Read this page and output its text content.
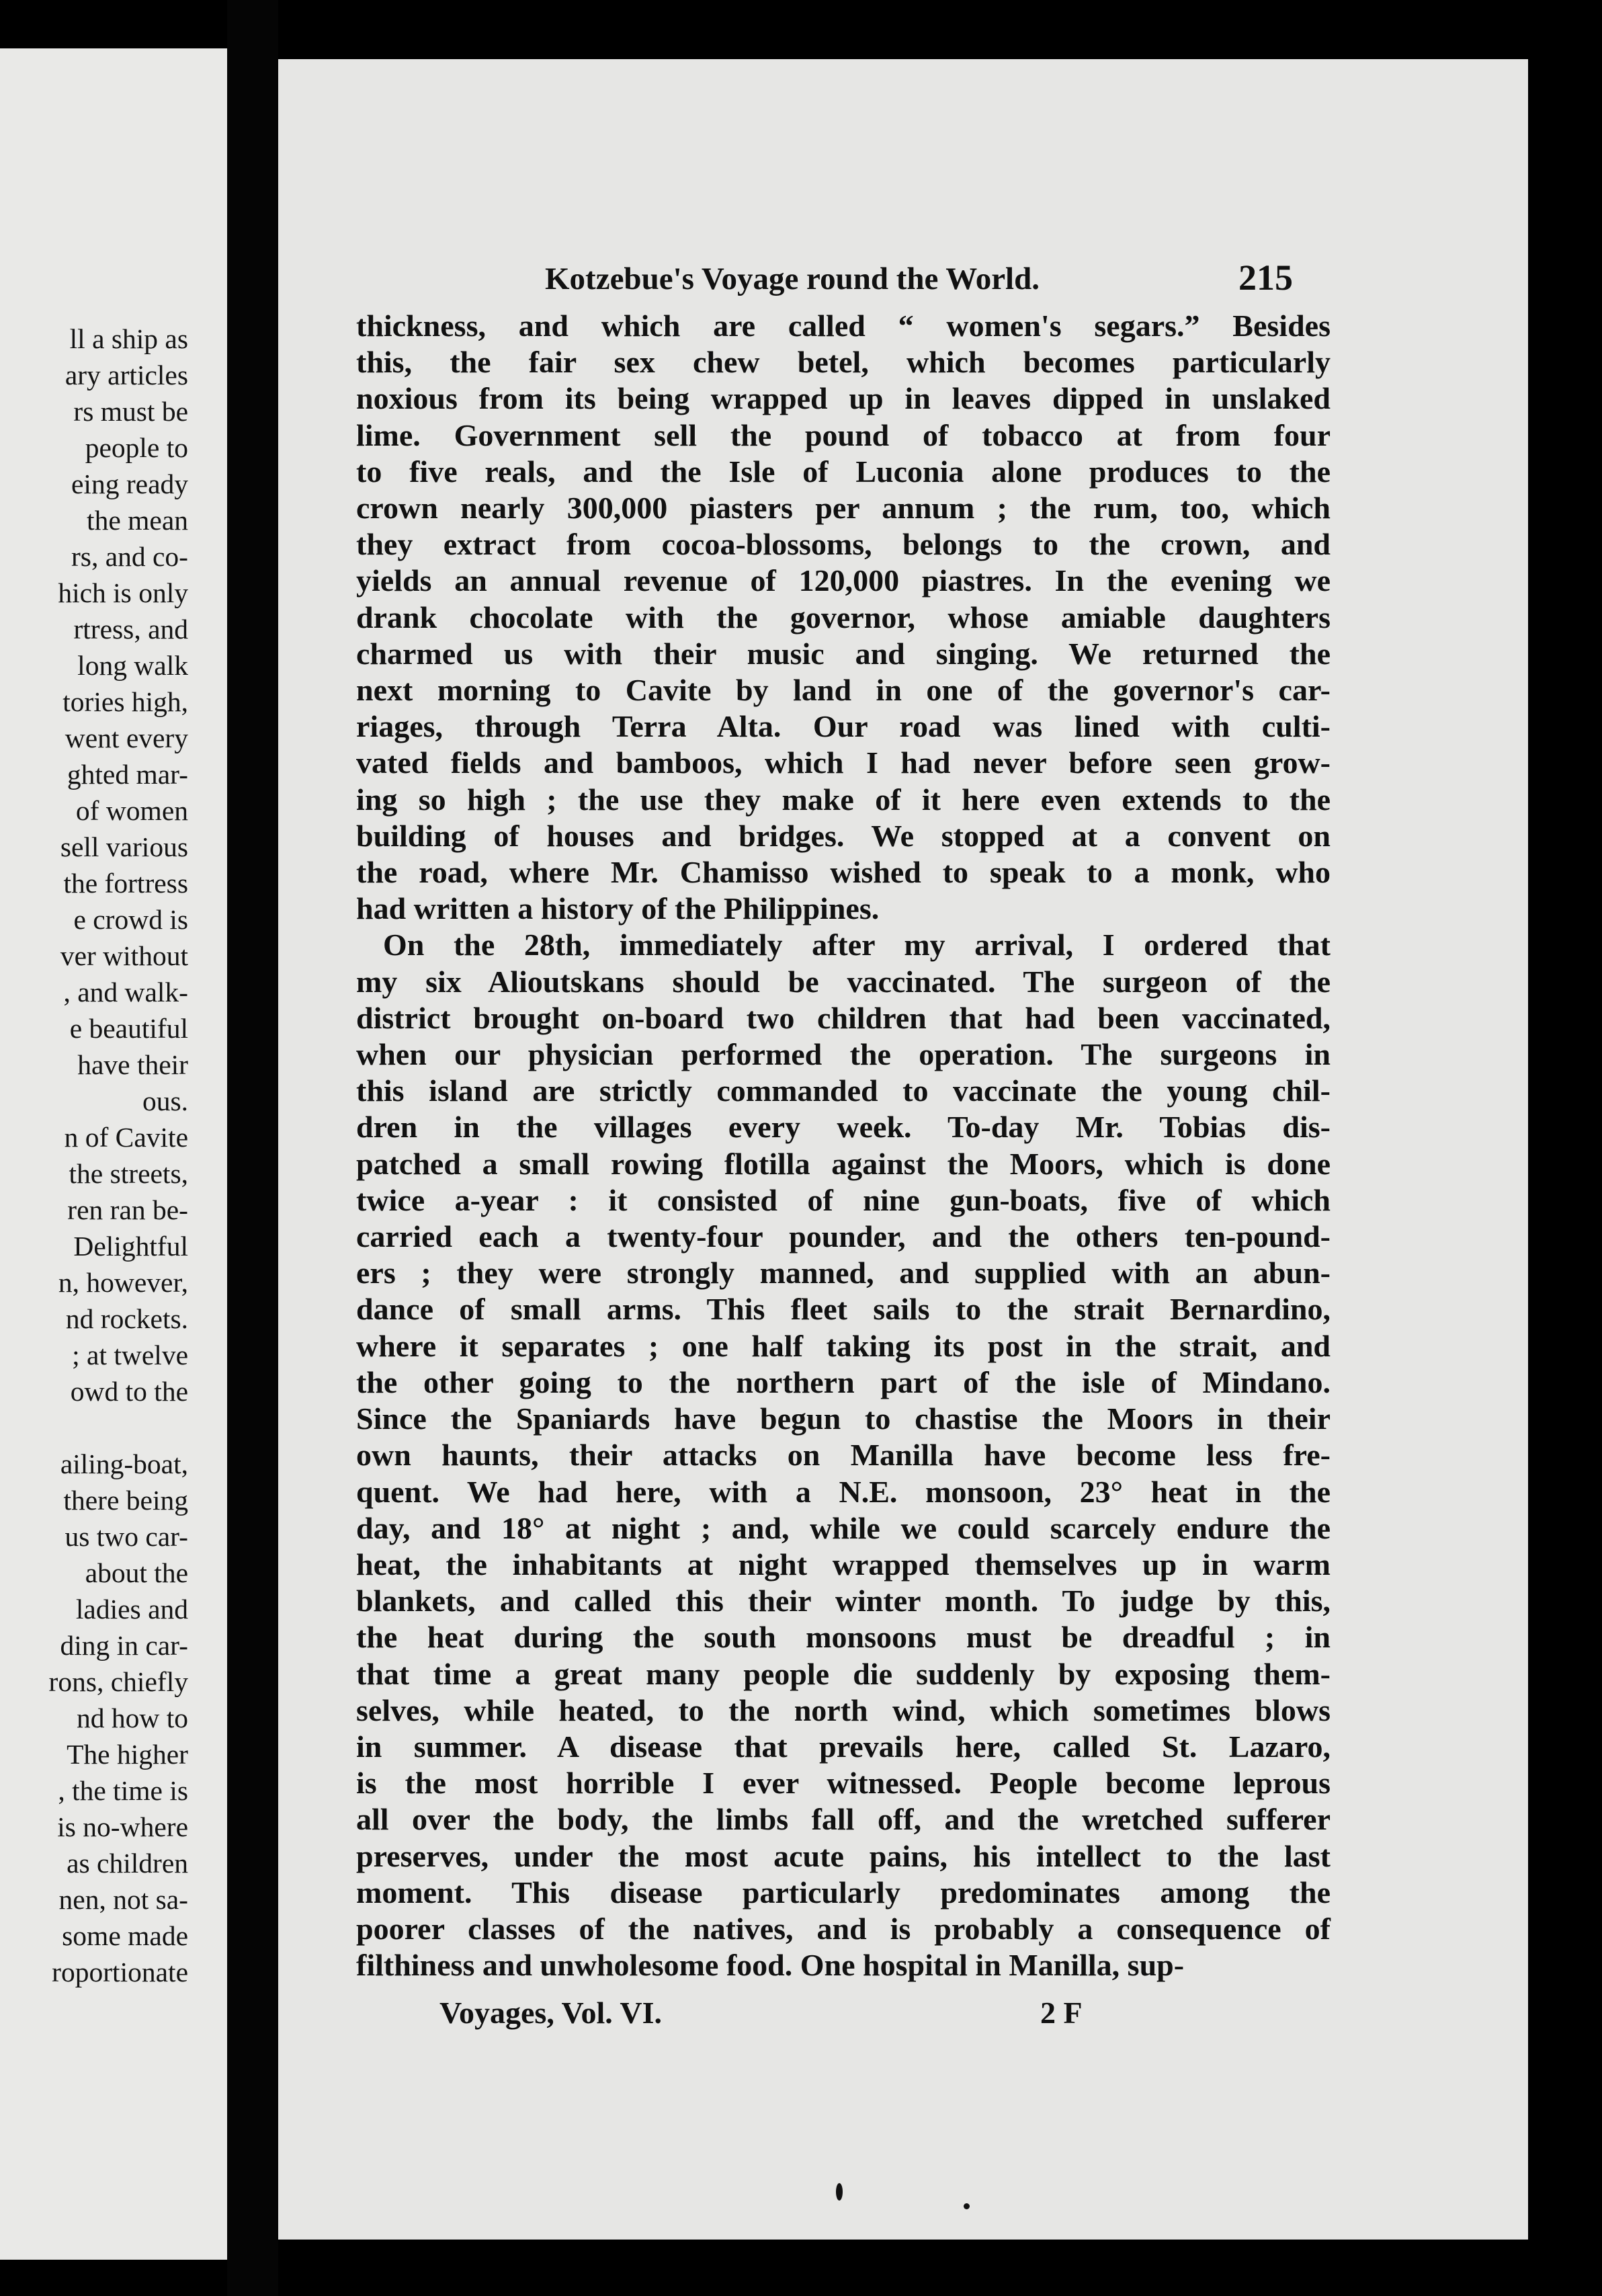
ll a ship as
ary articles
rs must be
people to
eing ready
the mean
rs, and co-
hich is only
rtress, and
long walk
tories high,
went every
ghted mar-
of women
sell various
the fortress
e crowd is
ver without
, and walk-
e beautiful
have their
ous.
n of Cavite
the streets,
ren ran be-
Delightful
n, however,
nd rockets.
; at twelve
owd to the

ailing-boat,
there being
us two car-
about the
ladies and
ding in car-
rons, chiefly
nd how to
The higher
, the time is
is no-where
as children
nen, not sa-
some made
roportionate
Kotzebue's Voyage round the World.	215
thickness, and which are called “ women's segars.” Besides
this, the fair sex chew betel, which becomes particularly
noxious from its being wrapped up in leaves dipped in unslaked
lime. Government sell the pound of tobacco at from four
to five reals, and the Isle of Luconia alone produces to the
crown nearly 300,000 piasters per annum ; the rum, too, which
they extract from cocoa-blossoms, belongs to the crown, and
yields an annual revenue of 120,000 piastres. In the evening we
drank chocolate with the governor, whose amiable daughters
charmed us with their music and singing. We returned the
next morning to Cavite by land in one of the governor's car-
riages, through Terra Alta. Our road was lined with culti-
vated fields and bamboos, which I had never before seen grow-
ing so high ; the use they make of it here even extends to the
building of houses and bridges. We stopped at a convent on
the road, where Mr. Chamisso wished to speak to a monk, who
had written a history of the Philippines.
On the 28th, immediately after my arrival, I ordered that
my six Alioutskans should be vaccinated. The surgeon of the
district brought on-board two children that had been vaccinated,
when our physician performed the operation. The surgeons in
this island are strictly commanded to vaccinate the young chil-
dren in the villages every week. To-day Mr. Tobias dis-
patched a small rowing flotilla against the Moors, which is done
twice a-year : it consisted of nine gun-boats, five of which
carried each a twenty-four pounder, and the others ten-pound-
ers ; they were strongly manned, and supplied with an abun-
dance of small arms. This fleet sails to the strait Bernardino,
where it separates ; one half taking its post in the strait, and
the other going to the northern part of the isle of Mindano.
Since the Spaniards have begun to chastise the Moors in their
own haunts, their attacks on Manilla have become less fre-
quent. We had here, with a N.E. monsoon, 23° heat in the
day, and 18° at night ; and, while we could scarcely endure the
heat, the inhabitants at night wrapped themselves up in warm
blankets, and called this their winter month. To judge by this,
the heat during the south monsoons must be dreadful ; in
that time a great many people die suddenly by exposing them-
selves, while heated, to the north wind, which sometimes blows
in summer. A disease that prevails here, called St. Lazaro,
is the most horrible I ever witnessed. People become leprous
all over the body, the limbs fall off, and the wretched sufferer
preserves, under the most acute pains, his intellect to the last
moment. This disease particularly predominates among the
poorer classes of the natives, and is probably a consequence of
filthiness and unwholesome food. One hospital in Manilla, sup-
Voyages, Vol. VI.	2 F
